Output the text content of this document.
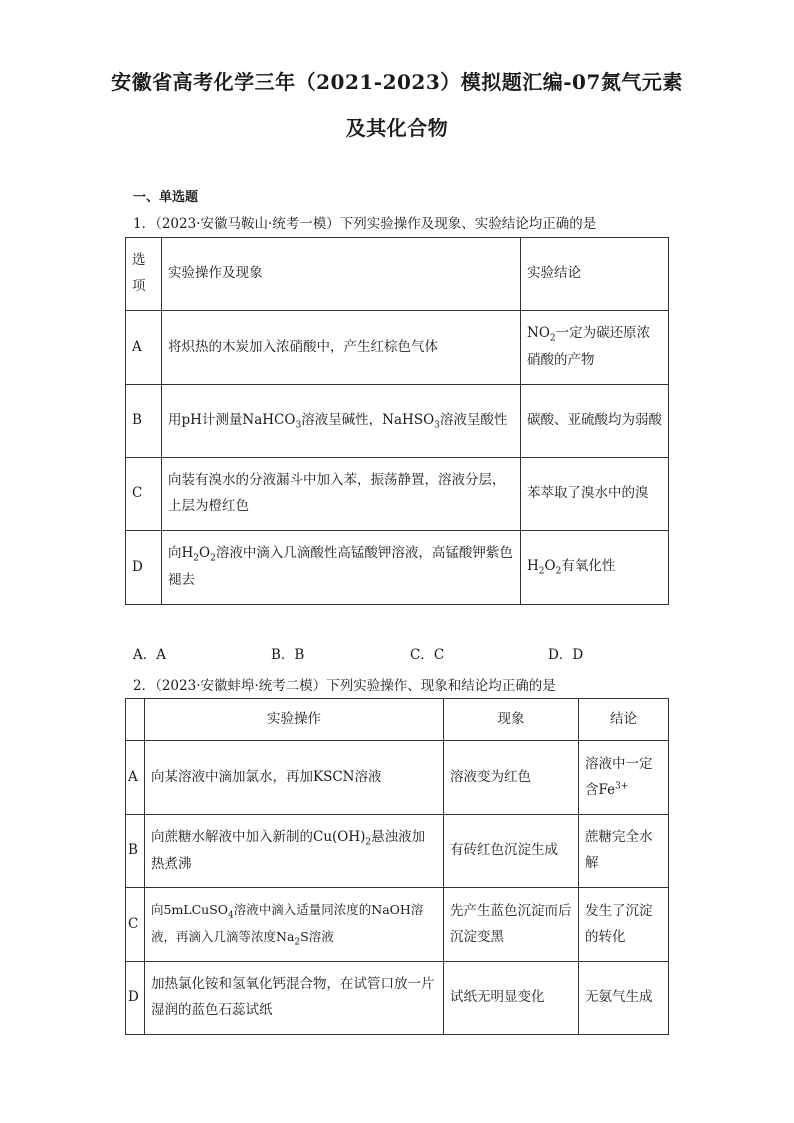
安徽省高考化学三年（2021-2023）模拟题汇编-07氮气元素
及其化合物
一、单选题
1．（2023·安徽马鞍山·统考一模）下列实验操作及现象、实验结论均正确的是
选项	实验操作及现象	实验结论
A	将炽热的木炭加入浓硝酸中，产生红棕色气体	$NO_2$一定为碳还原浓硝酸的产物
B	用pH计测量NaHCO$_3$溶液呈碱性，NaHSO$_3$溶液呈酸性	碳酸、亚硫酸均为弱酸
C	向装有溴水的分液漏斗中加入苯，振荡静置，溶液分层，上层为橙红色	苯萃取了溴水中的溴
D	向$H_2O_2$溶液中滴入几滴酸性高锰酸钾溶液，高锰酸钾紫色褪去	$H_2O_2$有氧化性
A．A	B．B	C．C	D．D
2．（2023·安徽蚌埠·统考二模）下列实验操作、现象和结论均正确的是
	实验操作	现象	结论
A	向某溶液中滴加氯水，再加KSCN溶液	溶液变为红色	溶液中一定含$Fe^{3+}$
B	向蔗糖水解液中加入新制的$Cu(OH)_2$悬浊液加热煮沸	有砖红色沉淀生成	蔗糖完全水解
C	向5mLCuSO$_4$溶液中滴入适量同浓度的NaOH溶液，再滴入几滴等浓度$Na_2S$溶液	先产生蓝色沉淀而后沉淀变黑	发生了沉淀的转化
D	加热氯化铵和氢氧化钙混合物，在试管口放一片湿润的蓝色石蕊试纸	试纸无明显变化	无氨气生成
